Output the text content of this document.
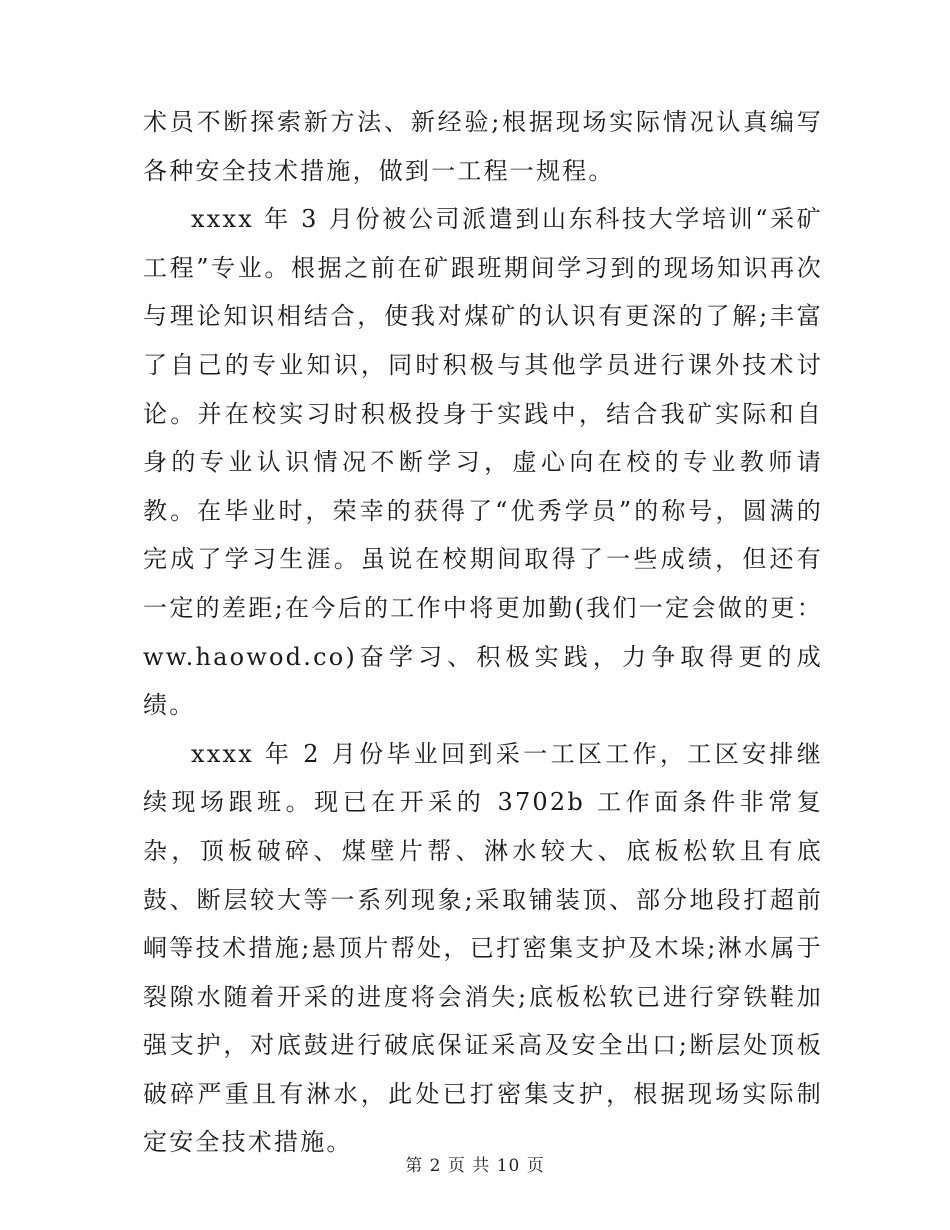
术员不断探索新方法、新经验;根据现场实际情况认真编写各种安全技术措施，做到一工程一规程。

xxxx 年 3 月份被公司派遣到山东科技大学培训“采矿工程”专业。根据之前在矿跟班期间学习到的现场知识再次与理论知识相结合，使我对煤矿的认识有更深的了解;丰富了自己的专业知识，同时积极与其他学员进行课外技术讨论。并在校实习时积极投身于实践中，结合我矿实际和自身的专业认识情况不断学习，虚心向在校的专业教师请教。在毕业时，荣幸的获得了“优秀学员”的称号，圆满的完成了学习生涯。虽说在校期间取得了一些成绩，但还有一定的差距;在今后的工作中将更加勤(我们一定会做的更：ww.haowod.co)奋学习、积极实践，力争取得更的成绩。

xxxx 年 2 月份毕业回到采一工区工作，工区安排继续现场跟班。现已在开采的 3702b 工作面条件非常复杂，顶板破碎、煤壁片帮、淋水较大、底板松软且有底鼓、断层较大等一系列现象;采取铺装顶、部分地段打超前峒等技术措施;悬顶片帮处，已打密集支护及木垛;淋水属于裂隙水随着开采的进度将会消失;底板松软已进行穿铁鞋加强支护，对底鼓进行破底保证采高及安全出口;断层处顶板破碎严重且有淋水，此处已打密集支护，根据现场实际制定安全技术措施。

第 2 页 共 10 页
